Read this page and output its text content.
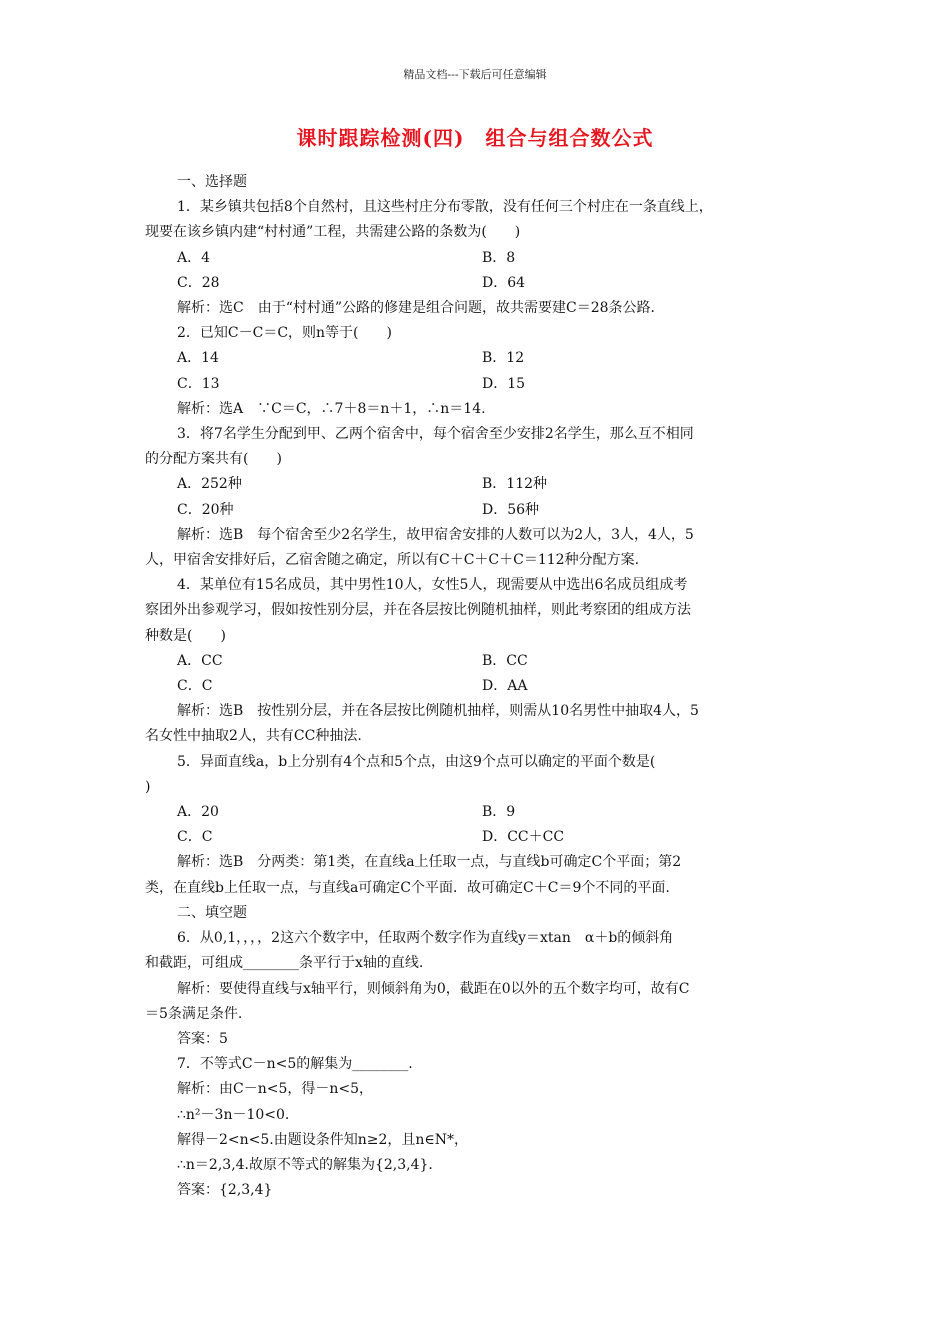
精品文档---下载后可任意编辑
课时跟踪检测(四)　组合与组合数公式

一、选择题

1．某乡镇共包括8个自然村，且这些村庄分布零散，没有任何三个村庄在一条直线上，

现要在该乡镇内建“村村通”工程，共需建公路的条数为(　　)

A．4	B．8
C．28	D．64

解析：选C　由于“村村通”公路的修建是组合问题，故共需要建C＝28条公路．

2．已知C－C＝C，则n等于(　　)

A．14	B．12
C．13	D．15

解析：选A　∵C＝C，∴7＋8＝n＋1，∴n＝14.

3．将7名学生分配到甲、乙两个宿舍中，每个宿舍至少安排2名学生，那么互不相同

的分配方案共有(　　)

A．252种	B．112种
C．20种	D．56种

解析：选B　每个宿舍至少2名学生，故甲宿舍安排的人数可以为2人，3人，4人，5

人，甲宿舍安排好后，乙宿舍随之确定，所以有C＋C＋C＋C＝112种分配方案.

4．某单位有15名成员，其中男性10人，女性5人，现需要从中选出6名成员组成考

察团外出参观学习，假如按性别分层，并在各层按比例随机抽样，则此考察团的组成方法

种数是(　　)

A．CC	B．CC
C．C	D．AA

解析：选B　按性别分层，并在各层按比例随机抽样，则需从10名男性中抽取4人，5

名女性中抽取2人，共有CC种抽法.

5．异面直线a，b上分别有4个点和5个点，由这9个点可以确定的平面个数是(

)

A．20	B．9
C．C	D．CC＋CC

解析：选B　分两类：第1类，在直线a上任取一点，与直线b可确定C个平面；第2

类，在直线b上任取一点，与直线a可确定C个平面．故可确定C＋C＝9个不同的平面.

二、填空题

6．从0,1，，，，2这六个数字中，任取两个数字作为直线y＝xtan　α＋b的倾斜角

和截距，可组成________条平行于x轴的直线.

解析：要使得直线与x轴平行，则倾斜角为0，截距在0以外的五个数字均可，故有C

＝5条满足条件.

答案：5

7．不等式C－n<5的解集为________.

解析：由C－n<5，得－n<5，

∴n²－3n－10<0.

解得－2<n<5.由题设条件知n≥2，且n∈N*，

∴n＝2,3,4.故原不等式的解集为{2,3,4}．

答案：{2,3,4}
